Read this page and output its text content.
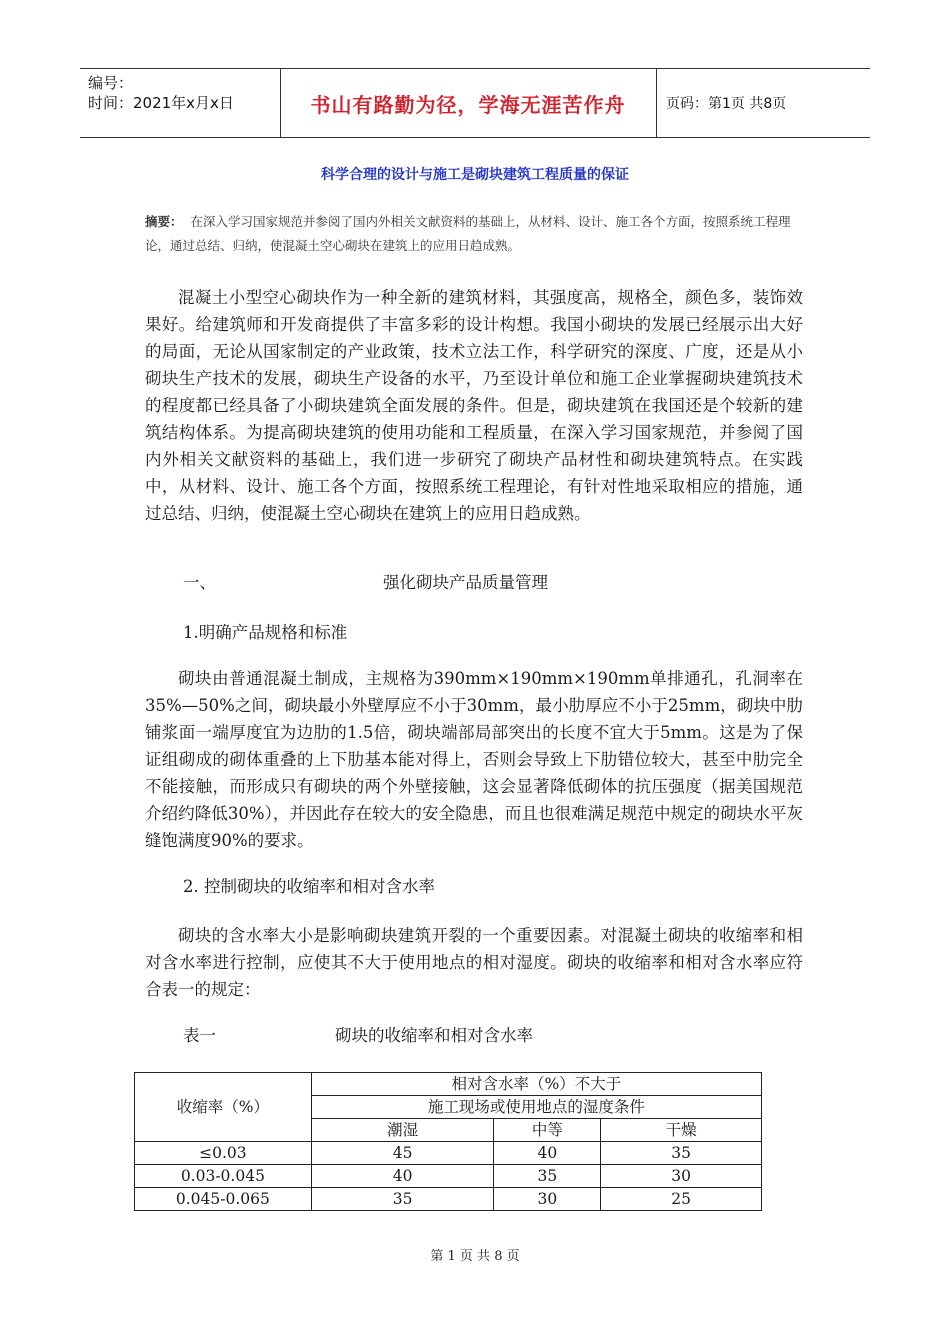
编号：
时间：2021年x月x日	书山有路勤为径，学海无涯苦作舟	页码：第1页 共8页
科学合理的设计与施工是砌块建筑工程质量的保证
摘要： 在深入学习国家规范并参阅了国内外相关文献资料的基础上，从材料、设计、施工各个方面，按照系统工程理论，通过总结、归纳，使混凝土空心砌块在建筑上的应用日趋成熟。
混凝土小型空心砌块作为一种全新的建筑材料，其强度高，规格全，颜色多，装饰效果好。给建筑师和开发商提供了丰富多彩的设计构想。我国小砌块的发展已经展示出大好的局面，无论从国家制定的产业政策，技术立法工作，科学研究的深度、广度，还是从小砌块生产技术的发展，砌块生产设备的水平，乃至设计单位和施工企业掌握砌块建筑技术的程度都已经具备了小砌块建筑全面发展的条件。但是，砌块建筑在我国还是个较新的建筑结构体系。为提高砌块建筑的使用功能和工程质量，在深入学习国家规范，并参阅了国内外相关文献资料的基础上，我们进一步研究了砌块产品材性和砌块建筑特点。在实践中，从材料、设计、施工各个方面，按照系统工程理论，有针对性地采取相应的措施，通过总结、归纳，使混凝土空心砌块在建筑上的应用日趋成熟。
一、	强化砌块产品质量管理
1.明确产品规格和标准
砌块由普通混凝土制成，主规格为390mm×190mm×190mm单排通孔，孔洞率在35%—50%之间，砌块最小外壁厚应不小于30mm，最小肋厚应不小于25mm，砌块中肋铺浆面一端厚度宜为边肋的1.5倍，砌块端部局部突出的长度不宜大于5mm。这是为了保证组砌成的砌体重叠的上下肋基本能对得上，否则会导致上下肋错位较大，甚至中肋完全不能接触，而形成只有砌块的两个外壁接触，这会显著降低砌体的抗压强度（据美国规范介绍约降低30%），并因此存在较大的安全隐患，而且也很难满足规范中规定的砌块水平灰缝饱满度90%的要求。
2. 控制砌块的收缩率和相对含水率
砌块的含水率大小是影响砌块建筑开裂的一个重要因素。对混凝土砌块的收缩率和相对含水率进行控制，应使其不大于使用地点的相对湿度。砌块的收缩率和相对含水率应符合表一的规定：
表一	砌块的收缩率和相对含水率
收缩率（%）	相对含水率（%）不大于		
	施工现场或使用地点的湿度条件		
	潮湿	中等	干燥
≤0.03	45	40	35
0.03-0.045	40	35	30
0.045-0.065	35	30	25
第 1 页 共 8 页
